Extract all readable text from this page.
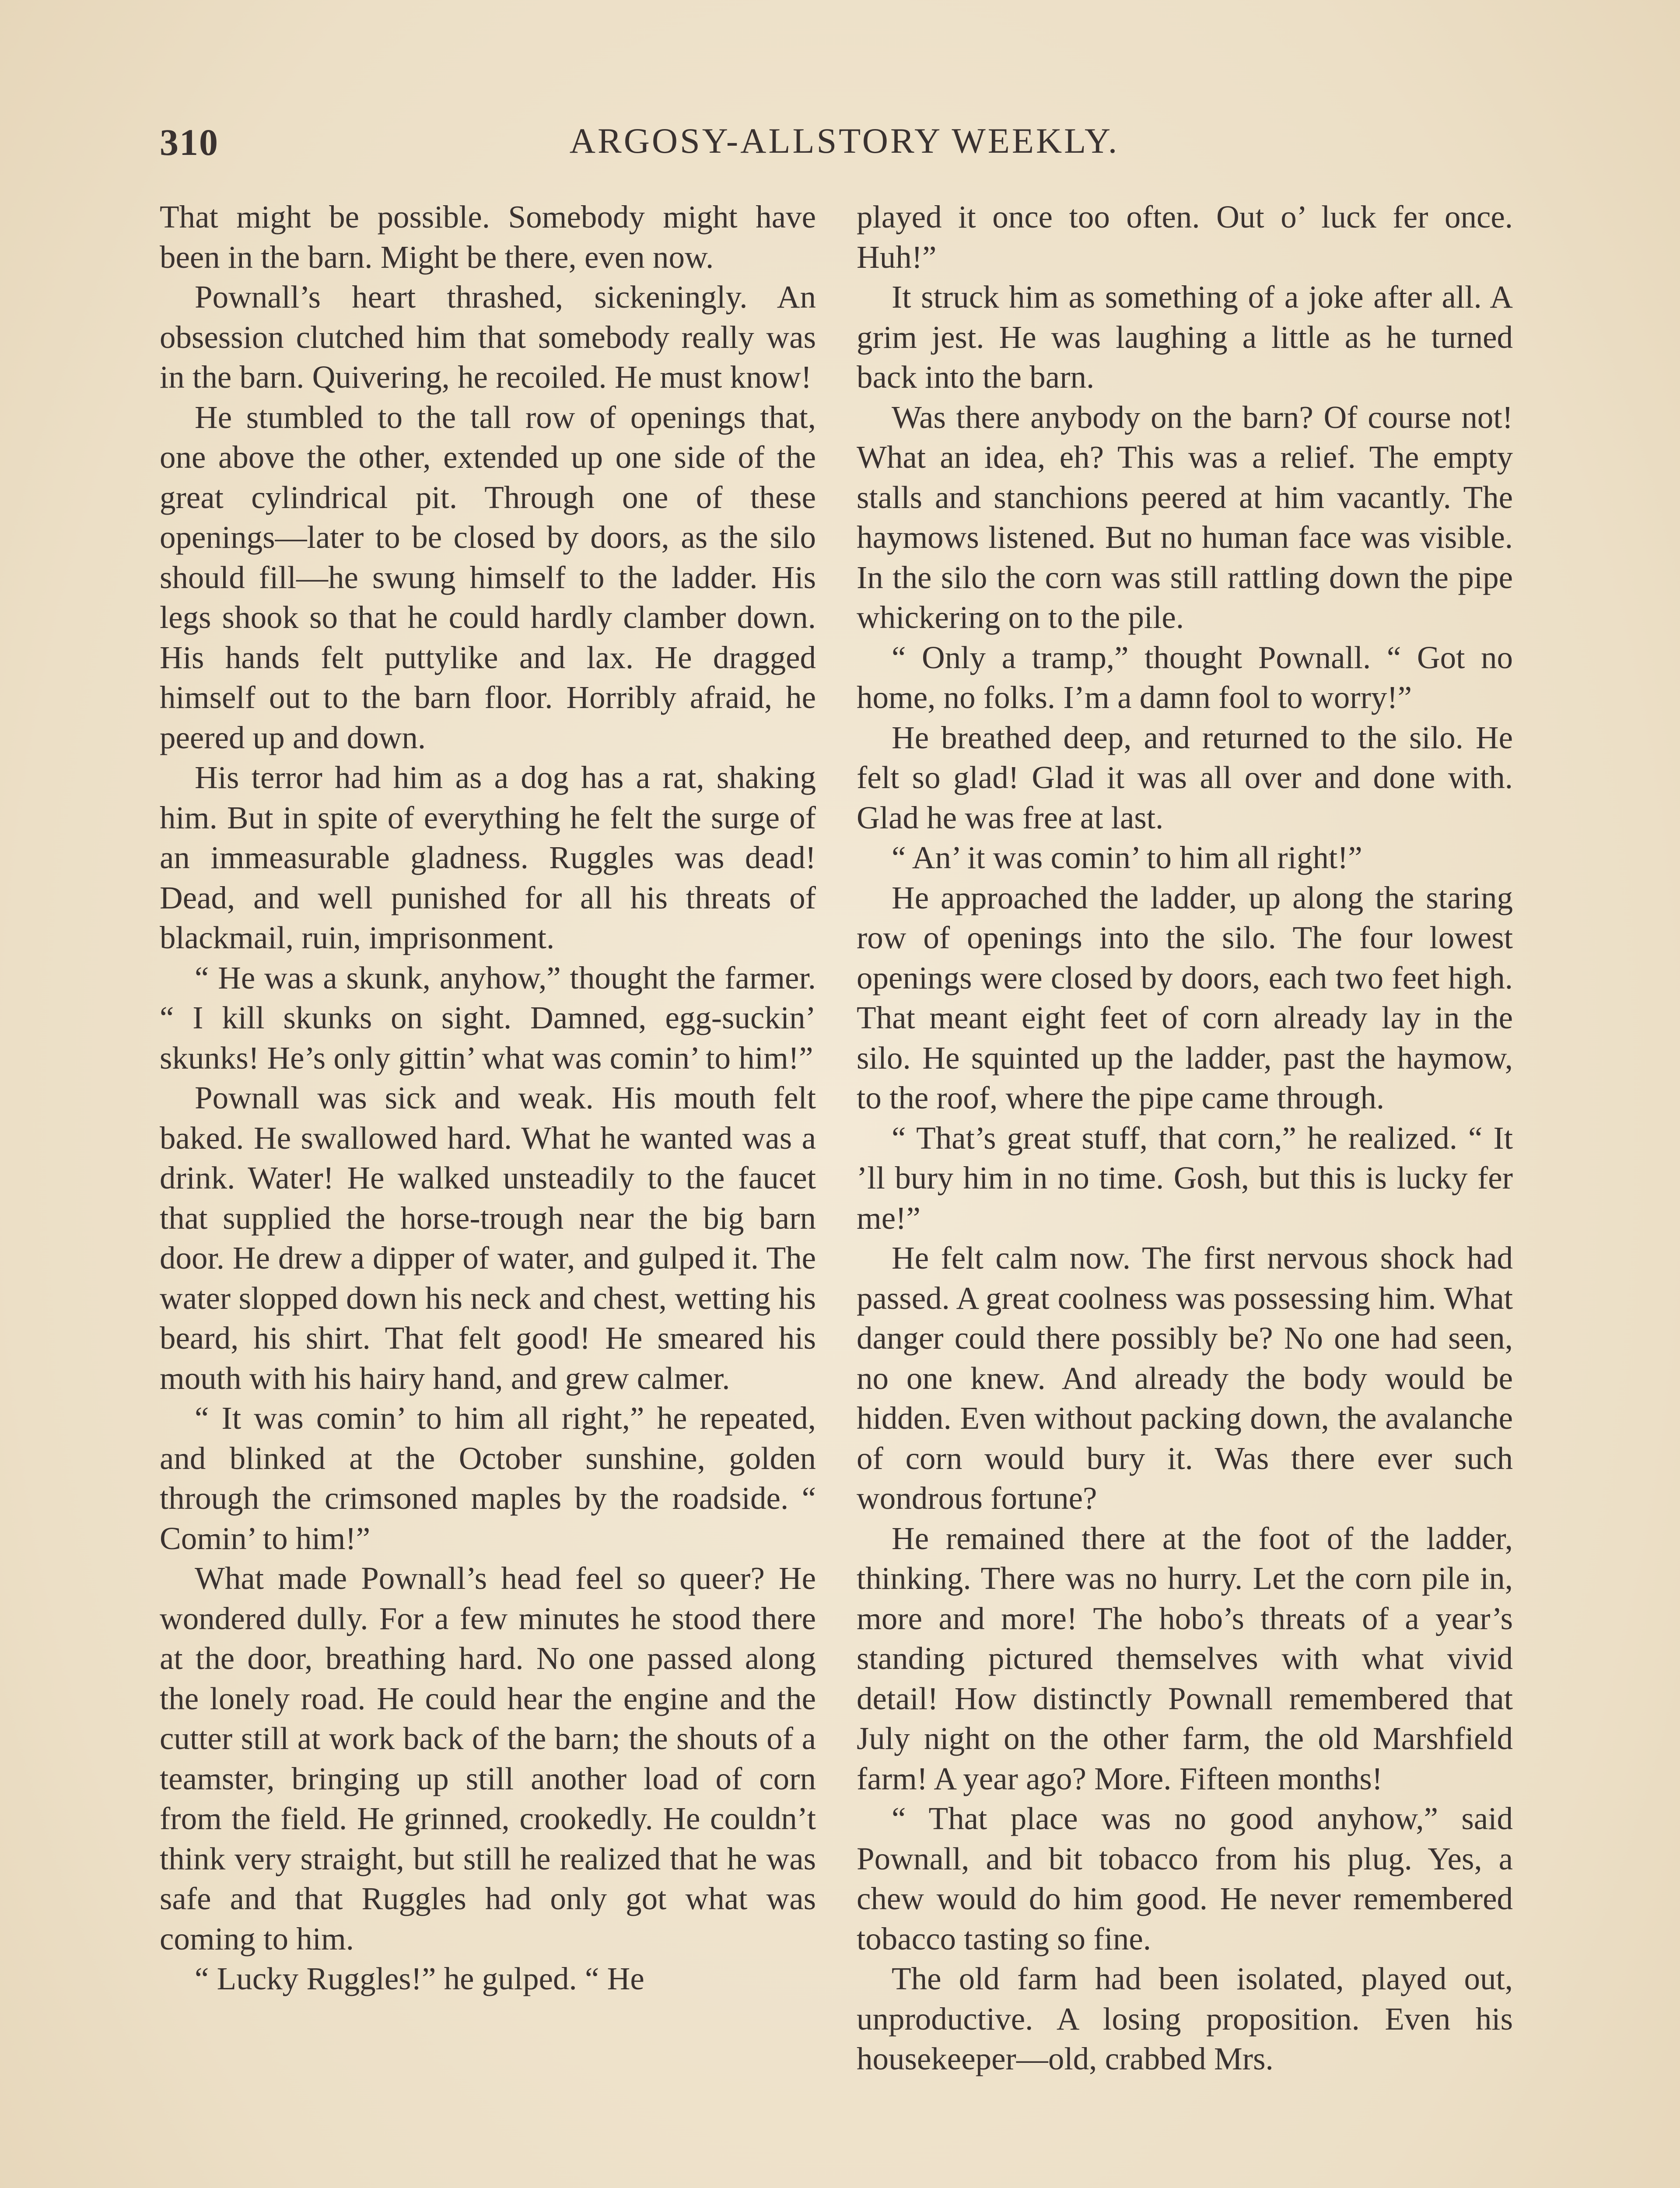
310	ARGOSY-ALLSTORY WEEKLY.

That might be possible. Somebody might have been in the barn. Might be there, even now.

Pownall’s heart thrashed, sickeningly. An obsession clutched him that somebody really was in the barn. Quivering, he recoiled. He must know!

He stumbled to the tall row of openings that, one above the other, extended up one side of the great cylindrical pit. Through one of these openings—later to be closed by doors, as the silo should fill—he swung himself to the ladder. His legs shook so that he could hardly clamber down. His hands felt puttylike and lax. He dragged himself out to the barn floor. Horribly afraid, he peered up and down.

His terror had him as a dog has a rat, shaking him. But in spite of everything he felt the surge of an immeasurable gladness. Ruggles was dead! Dead, and well punished for all his threats of blackmail, ruin, imprisonment.

“ He was a skunk, anyhow,” thought the farmer. “ I kill skunks on sight. Damned, egg-suckin’ skunks! He’s only gittin’ what was comin’ to him!”

Pownall was sick and weak. His mouth felt baked. He swallowed hard. What he wanted was a drink. Water! He walked unsteadily to the faucet that supplied the horse-trough near the big barn door. He drew a dipper of water, and gulped it. The water slopped down his neck and chest, wetting his beard, his shirt. That felt good! He smeared his mouth with his hairy hand, and grew calmer.

“ It was comin’ to him all right,” he repeated, and blinked at the October sunshine, golden through the crimsoned maples by the roadside. “ Comin’ to him!”

What made Pownall’s head feel so queer? He wondered dully. For a few minutes he stood there at the door, breathing hard. No one passed along the lonely road. He could hear the engine and the cutter still at work back of the barn; the shouts of a teamster, bringing up still another load of corn from the field. He grinned, crookedly. He couldn’t think very straight, but still he realized that he was safe and that Ruggles had only got what was coming to him.

“ Lucky Ruggles!” he gulped. “ He

played it once too often. Out o’ luck fer once. Huh!”

It struck him as something of a joke after all. A grim jest. He was laughing a little as he turned back into the barn.

Was there anybody on the barn? Of course not! What an idea, eh? This was a relief. The empty stalls and stanchions peered at him vacantly. The haymows listened. But no human face was visible. In the silo the corn was still rattling down the pipe whickering on to the pile.

“ Only a tramp,” thought Pownall. “ Got no home, no folks. I’m a damn fool to worry!”

He breathed deep, and returned to the silo. He felt so glad! Glad it was all over and done with. Glad he was free at last.

“ An’ it was comin’ to him all right!”

He approached the ladder, up along the staring row of openings into the silo. The four lowest openings were closed by doors, each two feet high. That meant eight feet of corn already lay in the silo. He squinted up the ladder, past the haymow, to the roof, where the pipe came through.

“ That’s great stuff, that corn,” he realized. “ It ’ll bury him in no time. Gosh, but this is lucky fer me!”

He felt calm now. The first nervous shock had passed. A great coolness was possessing him. What danger could there possibly be? No one had seen, no one knew. And already the body would be hidden. Even without packing down, the avalanche of corn would bury it. Was there ever such wondrous fortune?

He remained there at the foot of the ladder, thinking. There was no hurry. Let the corn pile in, more and more! The hobo’s threats of a year’s standing pictured themselves with what vivid detail! How distinctly Pownall remembered that July night on the other farm, the old Marshfield farm! A year ago? More. Fifteen months!

“ That place was no good anyhow,” said Pownall, and bit tobacco from his plug. Yes, a chew would do him good. He never remembered tobacco tasting so fine.

The old farm had been isolated, played out, unproductive. A losing proposition. Even his housekeeper—old, crabbed Mrs.
